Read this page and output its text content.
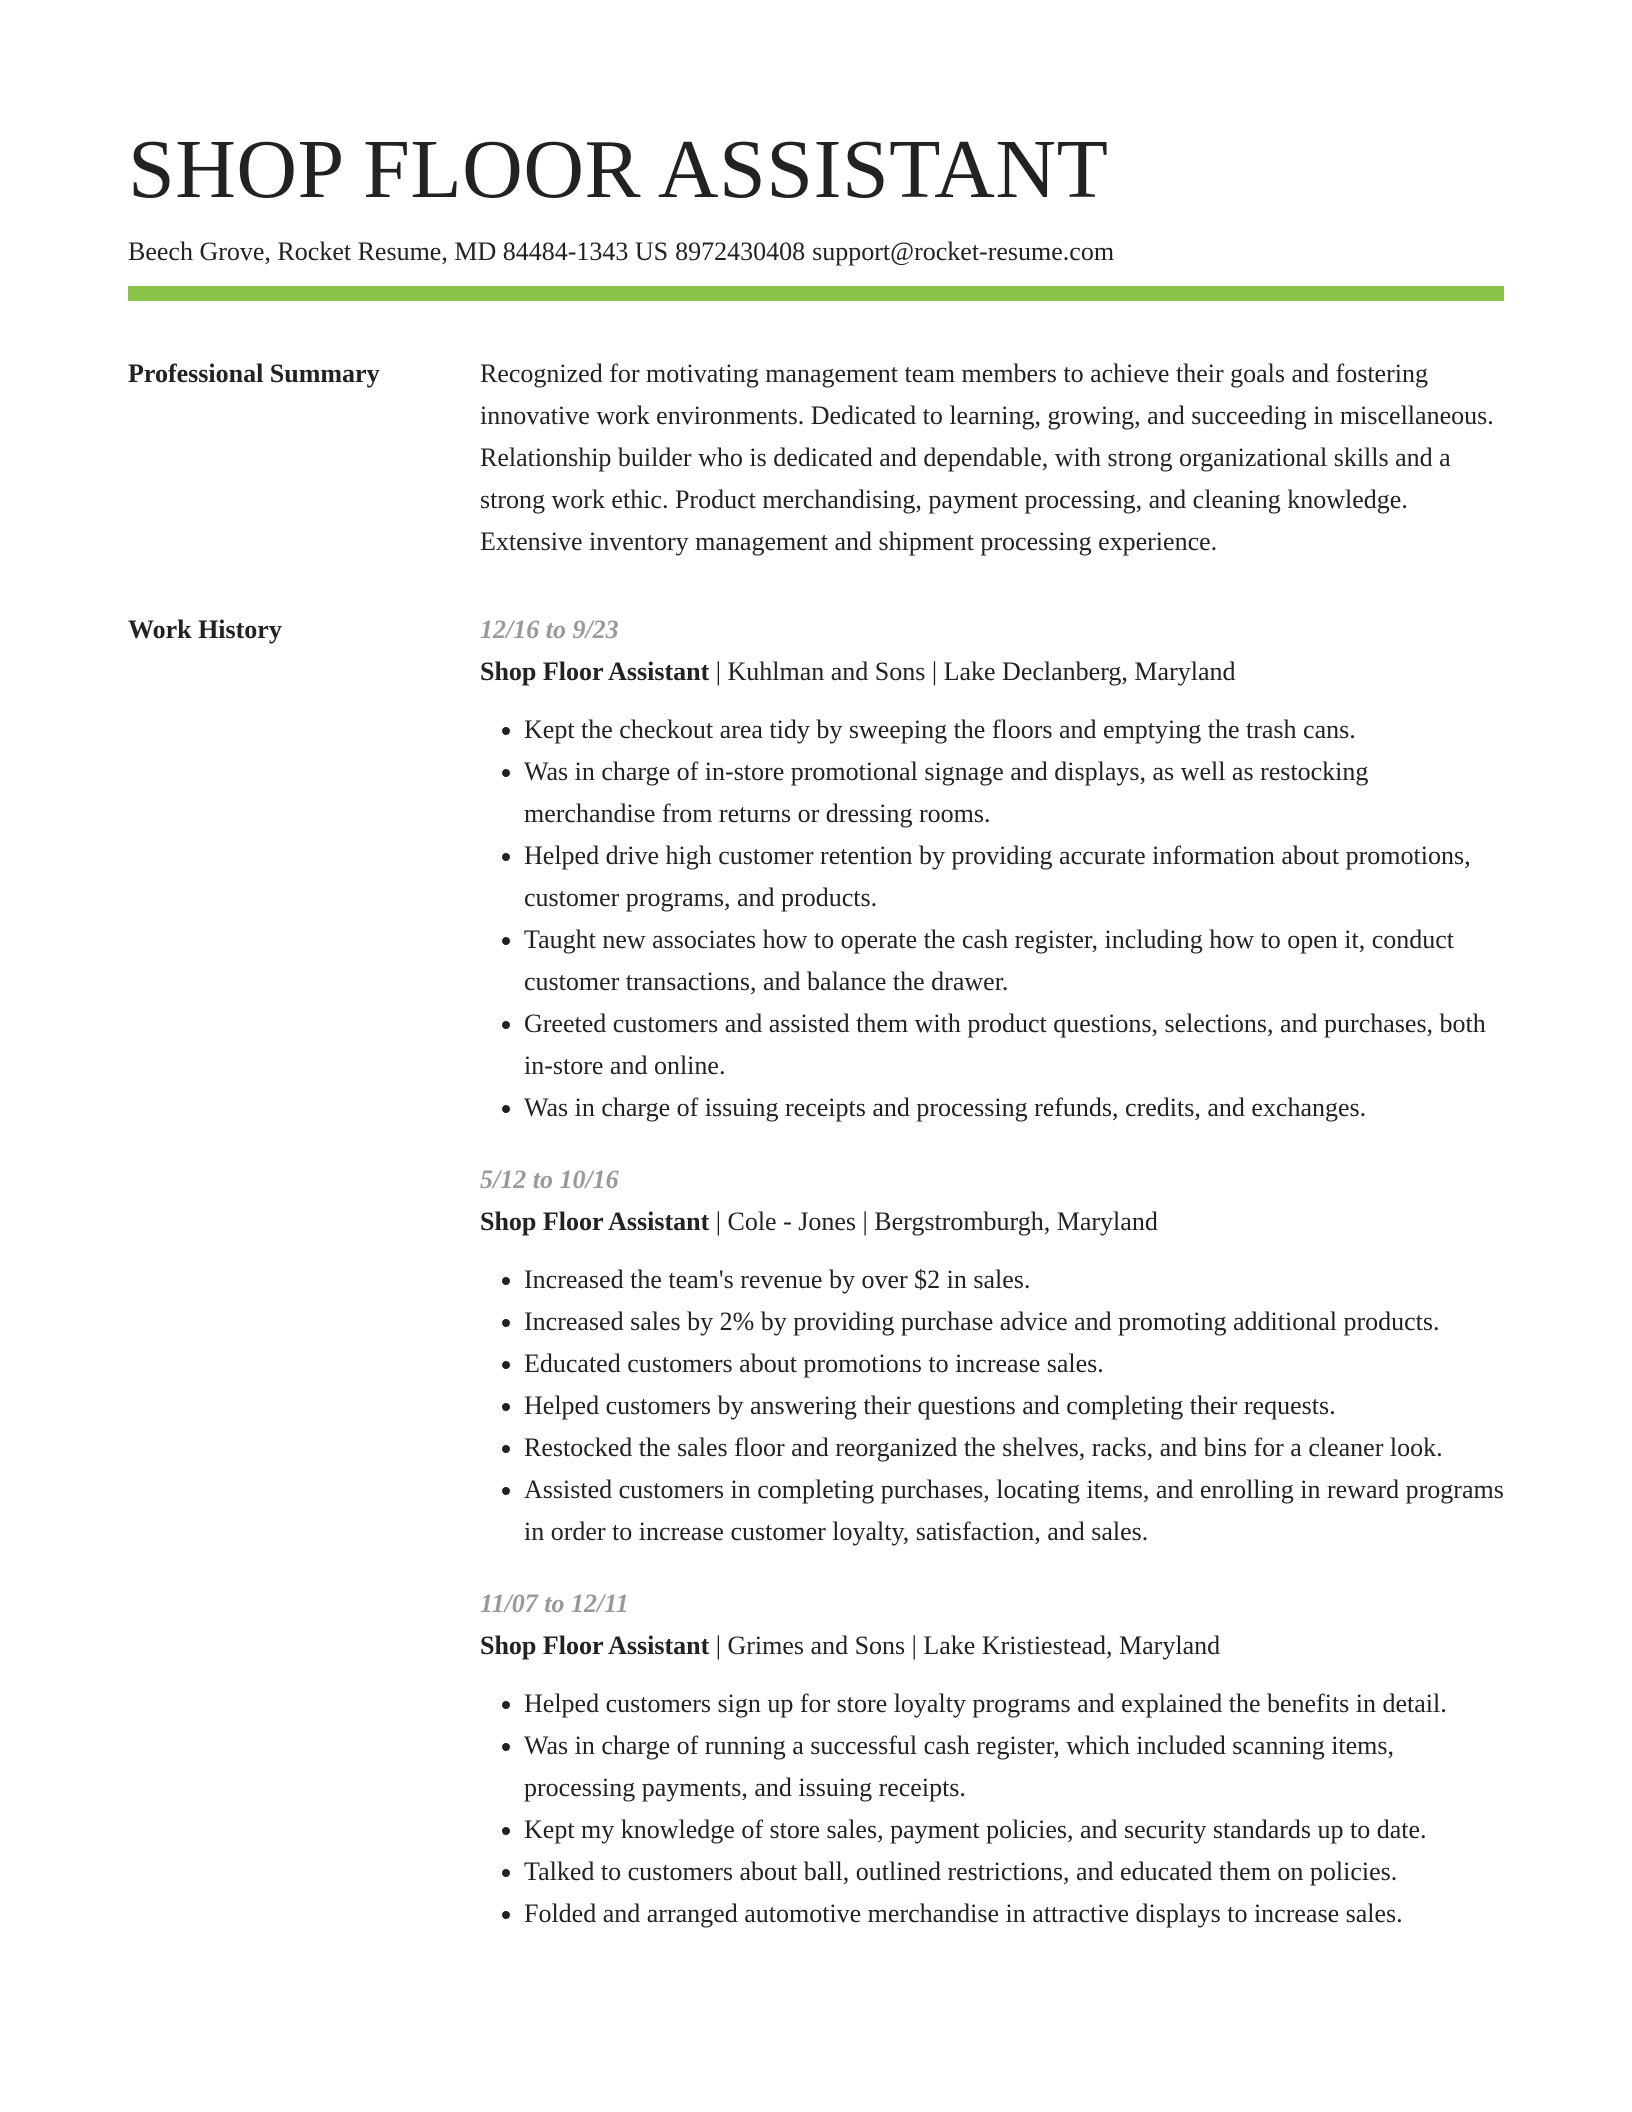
SHOP FLOOR ASSISTANT
Beech Grove, Rocket Resume, MD 84484-1343 US 8972430408 support@rocket-resume.com
Professional Summary	Recognized for motivating management team members to achieve their goals and fostering innovative work environments. Dedicated to learning, growing, and succeeding in miscellaneous. Relationship builder who is dedicated and dependable, with strong organizational skills and a strong work ethic. Product merchandising, payment processing, and cleaning knowledge. Extensive inventory management and shipment processing experience.

Work History	12/16 to 9/23
Shop Floor Assistant | Kuhlman and Sons | Lake Declanberg, Maryland
• Kept the checkout area tidy by sweeping the floors and emptying the trash cans.
• Was in charge of in-store promotional signage and displays, as well as restocking merchandise from returns or dressing rooms.
• Helped drive high customer retention by providing accurate information about promotions, customer programs, and products.
• Taught new associates how to operate the cash register, including how to open it, conduct customer transactions, and balance the drawer.
• Greeted customers and assisted them with product questions, selections, and purchases, both in-store and online.
• Was in charge of issuing receipts and processing refunds, credits, and exchanges.
5/12 to 10/16
Shop Floor Assistant | Cole - Jones | Bergstromburgh, Maryland
• Increased the team's revenue by over $2 in sales.
• Increased sales by 2% by providing purchase advice and promoting additional products.
• Educated customers about promotions to increase sales.
• Helped customers by answering their questions and completing their requests.
• Restocked the sales floor and reorganized the shelves, racks, and bins for a cleaner look.
• Assisted customers in completing purchases, locating items, and enrolling in reward programs in order to increase customer loyalty, satisfaction, and sales.
11/07 to 12/11
Shop Floor Assistant | Grimes and Sons | Lake Kristiestead, Maryland
• Helped customers sign up for store loyalty programs and explained the benefits in detail.
• Was in charge of running a successful cash register, which included scanning items, processing payments, and issuing receipts.
• Kept my knowledge of store sales, payment policies, and security standards up to date.
• Talked to customers about ball, outlined restrictions, and educated them on policies.
• Folded and arranged automotive merchandise in attractive displays to increase sales.
